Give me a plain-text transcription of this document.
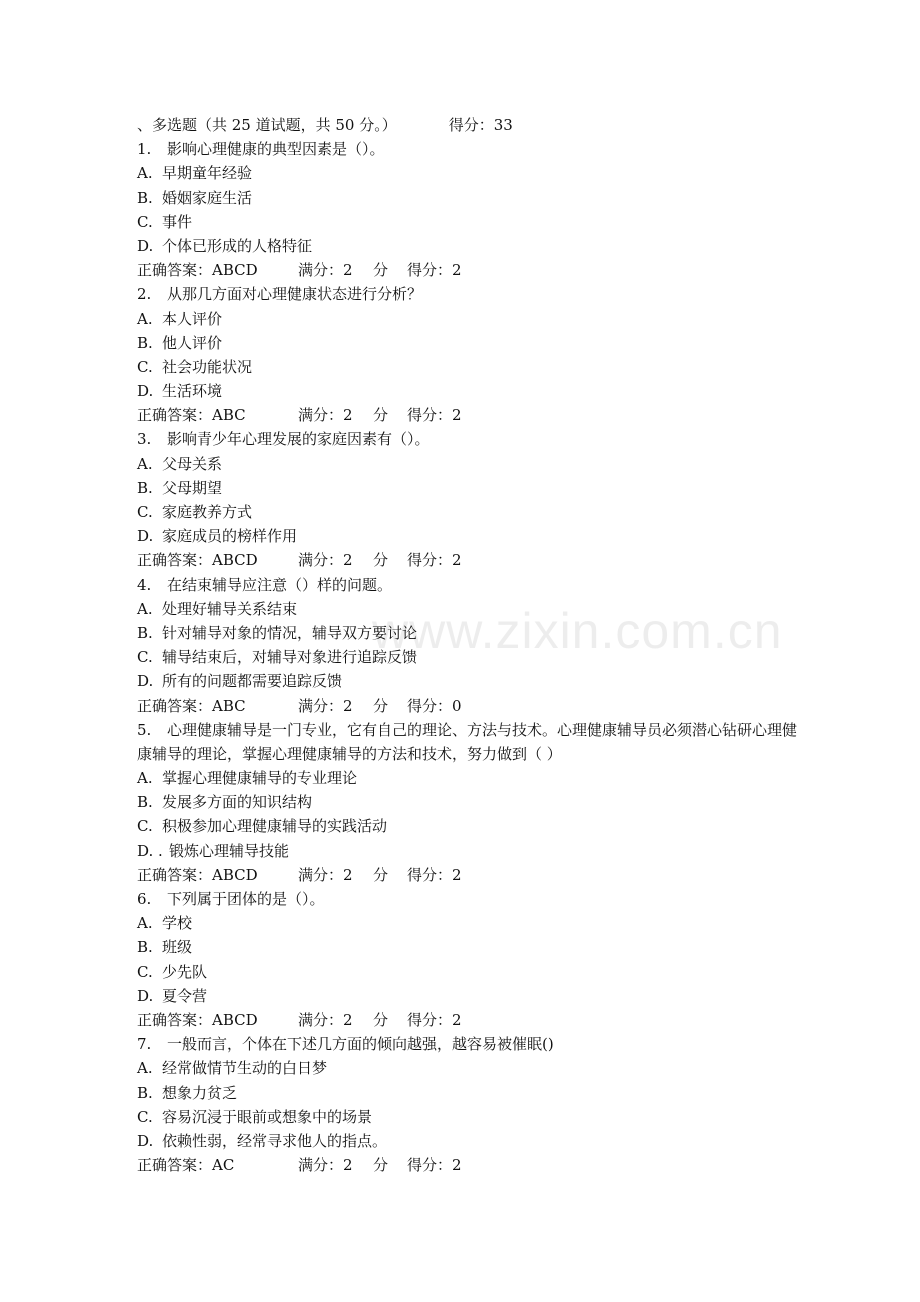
www.zixin.com.cn
、多选题（共 25 道试题，共 50 分。）	得分：33
1. 影响心理健康的典型因素是（）。
A. 早期童年经验
B. 婚姻家庭生活
C. 事件
D. 个体已形成的人格特征
正确答案：ABCD	满分：2 分 得分：2
2. 从那几方面对心理健康状态进行分析？
A. 本人评价
B. 他人评价
C. 社会功能状况
D. 生活环境
正确答案：ABC	满分：2 分 得分：2
3. 影响青少年心理发展的家庭因素有（）。
A. 父母关系
B. 父母期望
C. 家庭教养方式
D. 家庭成员的榜样作用
正确答案：ABCD	满分：2 分 得分：2
4. 在结束辅导应注意（）样的问题。
A. 处理好辅导关系结束
B. 针对辅导对象的情况，辅导双方要讨论
C. 辅导结束后，对辅导对象进行追踪反馈
D. 所有的问题都需要追踪反馈
正确答案：ABC	满分：2 分 得分：0
5. 心理健康辅导是一门专业，它有自己的理论、方法与技术。心理健康辅导员必须潜心钻研心理健康辅导的理论，掌握心理健康辅导的方法和技术，努力做到（ ）
A. 掌握心理健康辅导的专业理论
B. 发展多方面的知识结构
C. 积极参加心理健康辅导的实践活动
D. . 锻炼心理辅导技能
正确答案：ABCD	满分：2 分 得分：2
6. 下列属于团体的是（）。
A. 学校
B. 班级
C. 少先队
D. 夏令营
正确答案：ABCD	满分：2 分 得分：2
7. 一般而言，个体在下述几方面的倾向越强，越容易被催眠()
A. 经常做情节生动的白日梦
B. 想象力贫乏
C. 容易沉浸于眼前或想象中的场景
D. 依赖性弱，经常寻求他人的指点。
正确答案：AC	满分：2 分 得分：2
